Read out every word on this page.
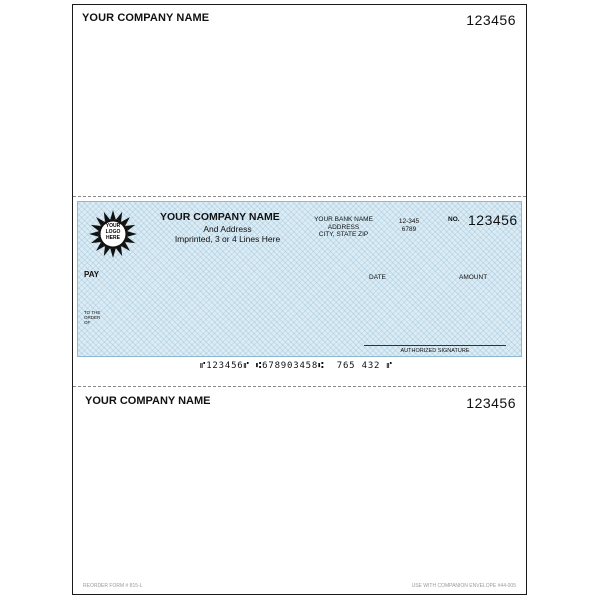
YOUR COMPANY NAME	123456
YOUR
LOGO
HERE
YOUR COMPANY NAME
And Address
Imprinted, 3 or 4 Lines Here
YOUR BANK NAME
ADDRESS
CITY, STATE ZIP
12-345
6789
NO. 123456
PAY	DATE	AMOUNT
TO THE
ORDER
OF
AUTHORIZED SIGNATURE
⑈123456⑈ ⑆678903458⑆  765 432 ⑈
YOUR COMPANY NAME	123456
REORDER FORM # 815-L	USE WITH COMPANION ENVELOPE #44-005
